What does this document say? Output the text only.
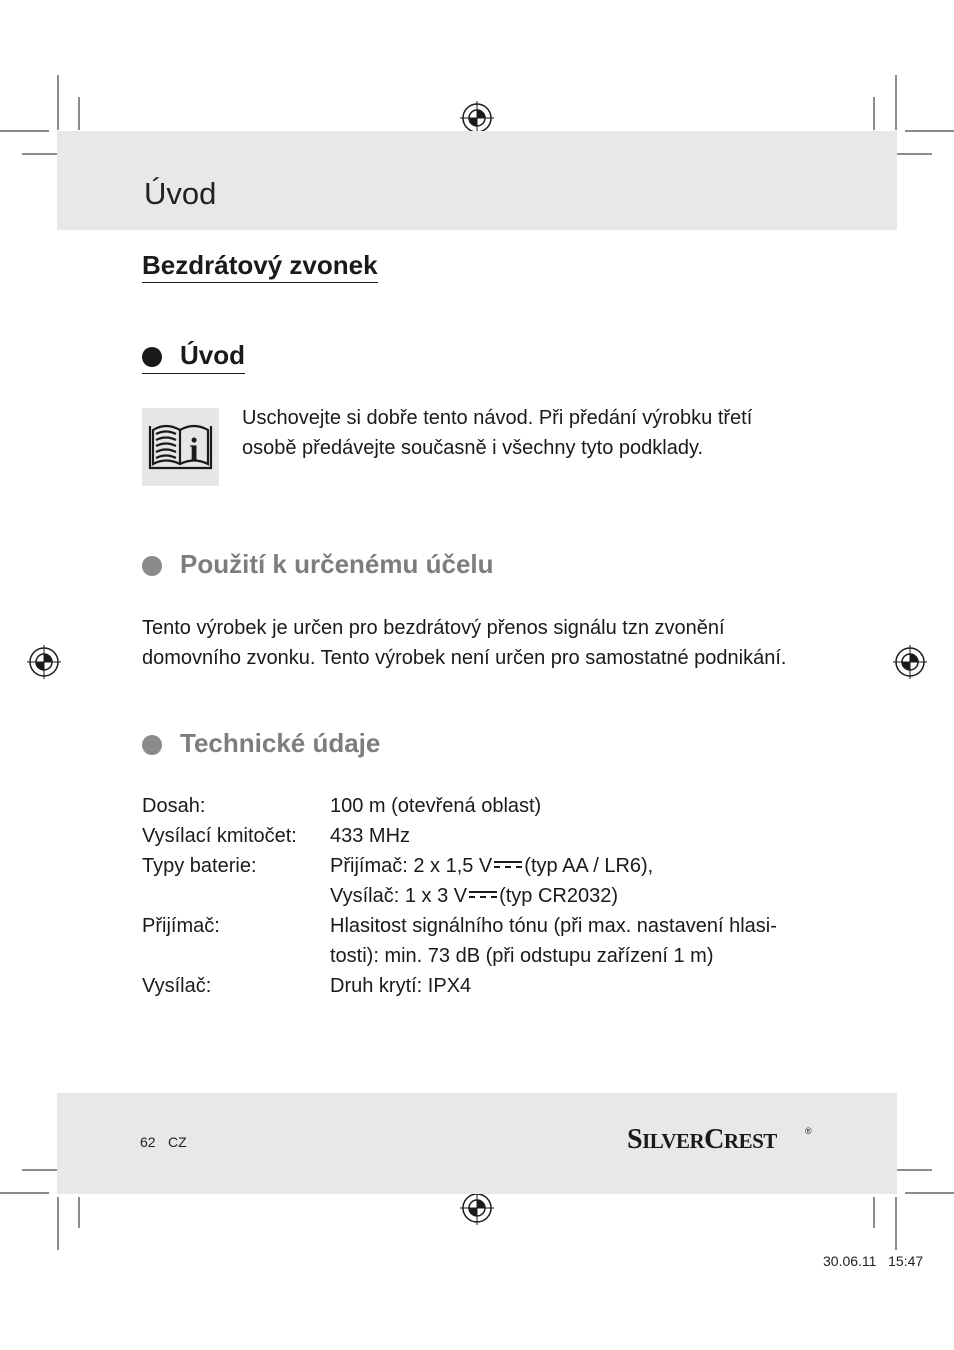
Úvod
Bezdrátový zvonek
Úvod
i
Uschovejte si dobře tento návod. Při předání výrobku třetí
osobě předávejte současně i všechny tyto podklady.
Použití k určenému účelu
Tento výrobek je určen pro bezdrátový přenos signálu tzn zvonění
domovního zvonku. Tento výrobek není určen pro samostatné podnikání.
Technické údaje
Dosah:	100 m (otevřená oblast)
Vysílací kmitočet: 433 MHz
Typy baterie:	Přijímač: 2 x 1,5 V (typ AA / LR6),
Vysílač: 1 x 3 V (typ CR2032)
Přijímač:	Hlasitost signálního tónu (při max. nastavení hlasi-
tosti): min. 73 dB (při odstupu zařízení 1 m)
Vysílač:	Druh krytí: IPX4
62 CZ	SILVERCREST	®
30.06.11   15:47
